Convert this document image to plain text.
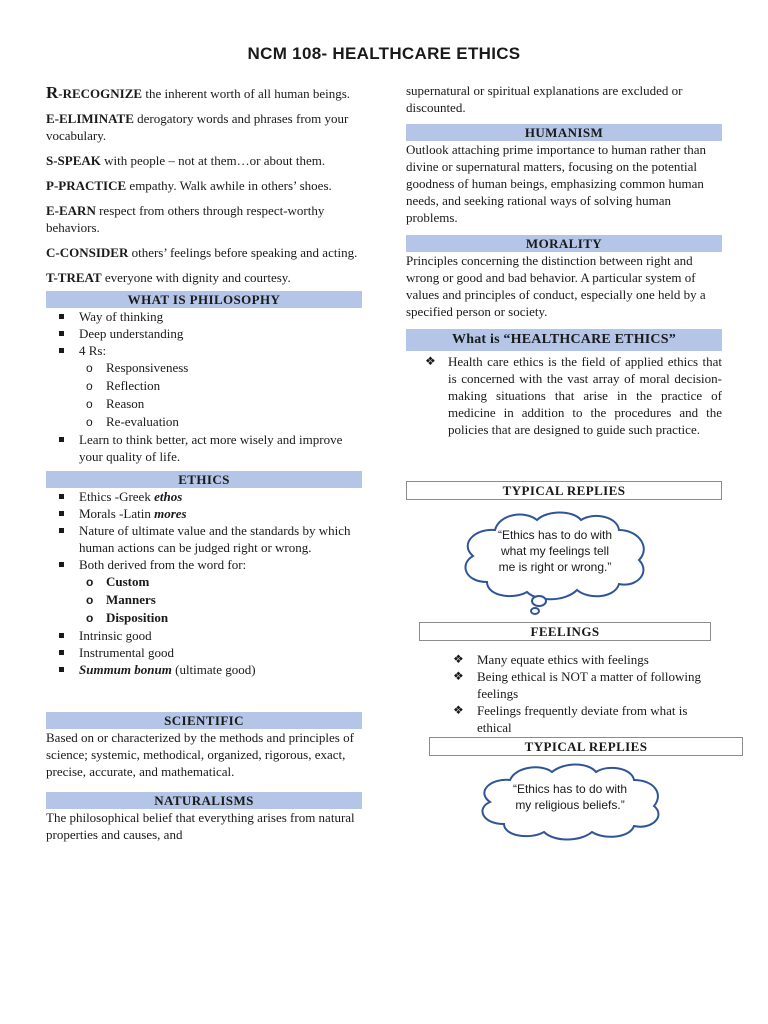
NCM 108- HEALTHCARE ETHICS

R-RECOGNIZE the inherent worth of all human beings.

E-ELIMINATE derogatory words and phrases from your vocabulary.

S-SPEAK with people – not at them…or about them.

P-PRACTICE empathy. Walk awhile in others’ shoes.

E-EARN respect from others through respect-worthy behaviors.

C-CONSIDER others’ feelings before speaking and acting.

T-TREAT everyone with dignity and courtesy.

WHAT IS PHILOSOPHY
Way of thinking
Deep understanding
4 Rs:
o Responsiveness
o Reflection
o Reason
o Re-evaluation
Learn to think better, act more wisely and improve your quality of life.
ETHICS
Ethics -Greek ethos
Morals -Latin mores
Nature of ultimate value and the standards by which human actions can be judged right or wrong.
Both derived from the word for:
o Custom
o Manners
o Disposition
Intrinsic good
Instrumental good
Summum bonum (ultimate good)
SCIENTIFIC

Based on or characterized by the methods and principles of science; systemic, methodical, organized, rigorous, exact, precise, accurate, and mathematical.

NATURALISMS

The philosophical belief that everything arises from natural properties and causes, and

supernatural or spiritual explanations are excluded or discounted.

HUMANISM

Outlook attaching prime importance to human rather than divine or supernatural matters, focusing on the potential goodness of human beings, emphasizing common human needs, and seeking rational ways of solving human problems.

MORALITY

Principles concerning the distinction between right and wrong or good and bad behavior. A particular system of values and principles of conduct, especially one held by a specified person or society.

What is “HEALTHCARE ETHICS”
❖ Health care ethics is the field of applied ethics that is concerned with the vast array of moral decision-making situations that arise in the practice of medicine in addition to the procedures and the policies that are designed to guide such practice.

TYPICAL REPLIES
“Ethics has to do with what my feelings tell me is right or wrong.”
FEELINGS
❖ Many equate ethics with feelings
❖ Being ethical is NOT a matter of following feelings
❖ Feelings frequently deviate from what is ethical
TYPICAL REPLIES
“Ethics has to do with my religious beliefs.”
